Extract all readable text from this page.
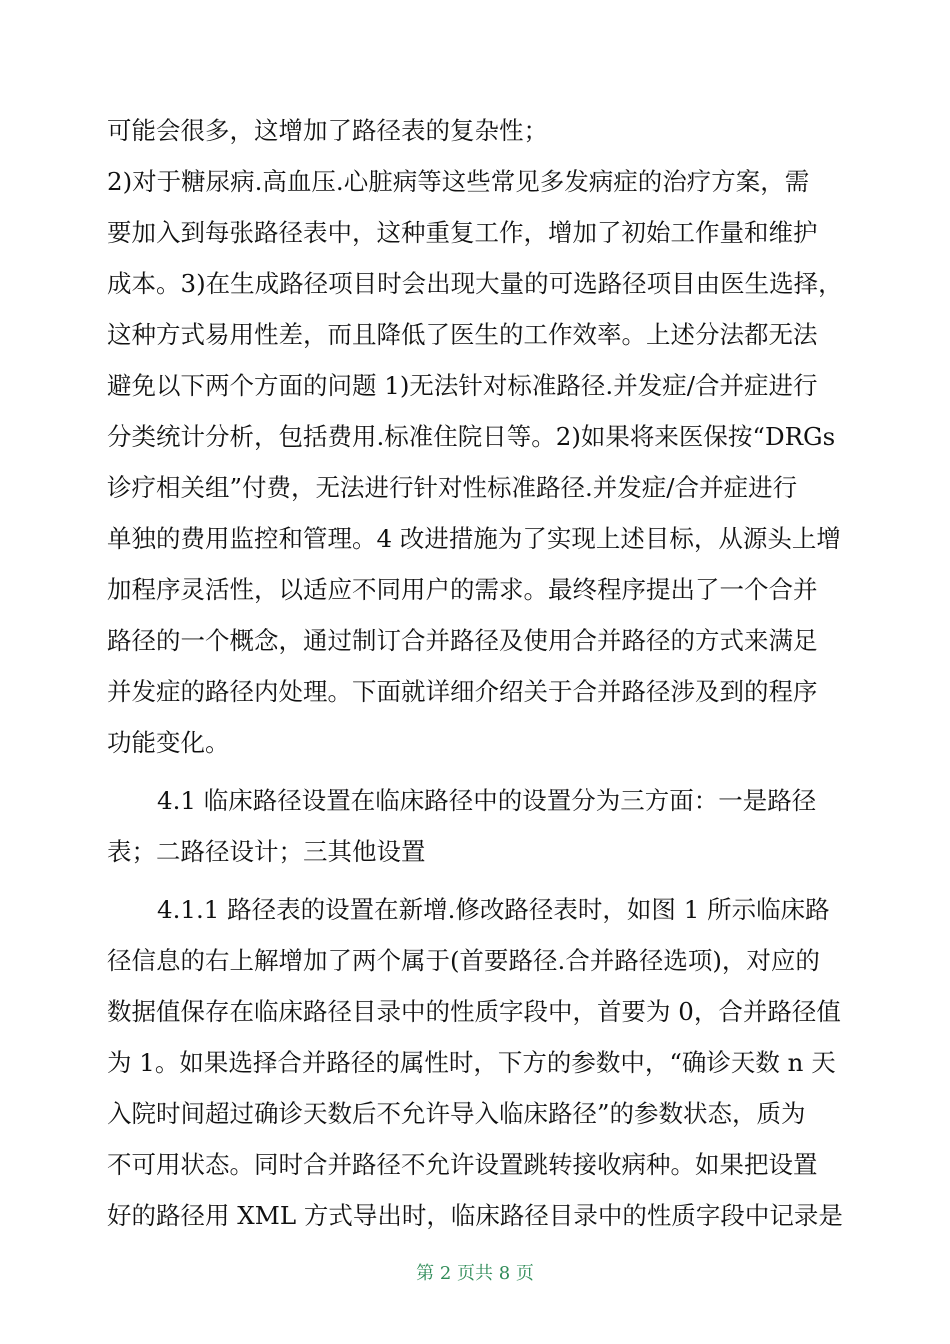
可能会很多，这增加了路径表的复杂性；
2)对于糖尿病.高血压.心脏病等这些常见多发病症的治疗方案，需
要加入到每张路径表中，这种重复工作，增加了初始工作量和维护
成本。3)在生成路径项目时会出现大量的可选路径项目由医生选择，
这种方式易用性差，而且降低了医生的工作效率。上述分法都无法
避免以下两个方面的问题 1)无法针对标准路径.并发症/合并症进行
分类统计分析，包括费用.标准住院日等。2)如果将来医保按“DRGs
诊疗相关组”付费，无法进行针对性标准路径.并发症/合并症进行
单独的费用监控和管理。4 改进措施为了实现上述目标，从源头上增
加程序灵活性，以适应不同用户的需求。最终程序提出了一个合并
路径的一个概念，通过制订合并路径及使用合并路径的方式来满足
并发症的路径内处理。下面就详细介绍关于合并路径涉及到的程序
功能变化。
4.1 临床路径设置在临床路径中的设置分为三方面：一是路径
表；二路径设计；三其他设置
4.1.1 路径表的设置在新增.修改路径表时，如图 1 所示临床路
径信息的右上解增加了两个属于(首要路径.合并路径选项)，对应的
数据值保存在临床路径目录中的性质字段中，首要为 0，合并路径值
为 1。如果选择合并路径的属性时，下方的参数中，“确诊天数 n 天
入院时间超过确诊天数后不允许导入临床路径”的参数状态，质为
不可用状态。同时合并路径不允许设置跳转接收病种。如果把设置
好的路径用 XML 方式导出时，临床路径目录中的性质字段中记录是
第 2 页共 8 页
